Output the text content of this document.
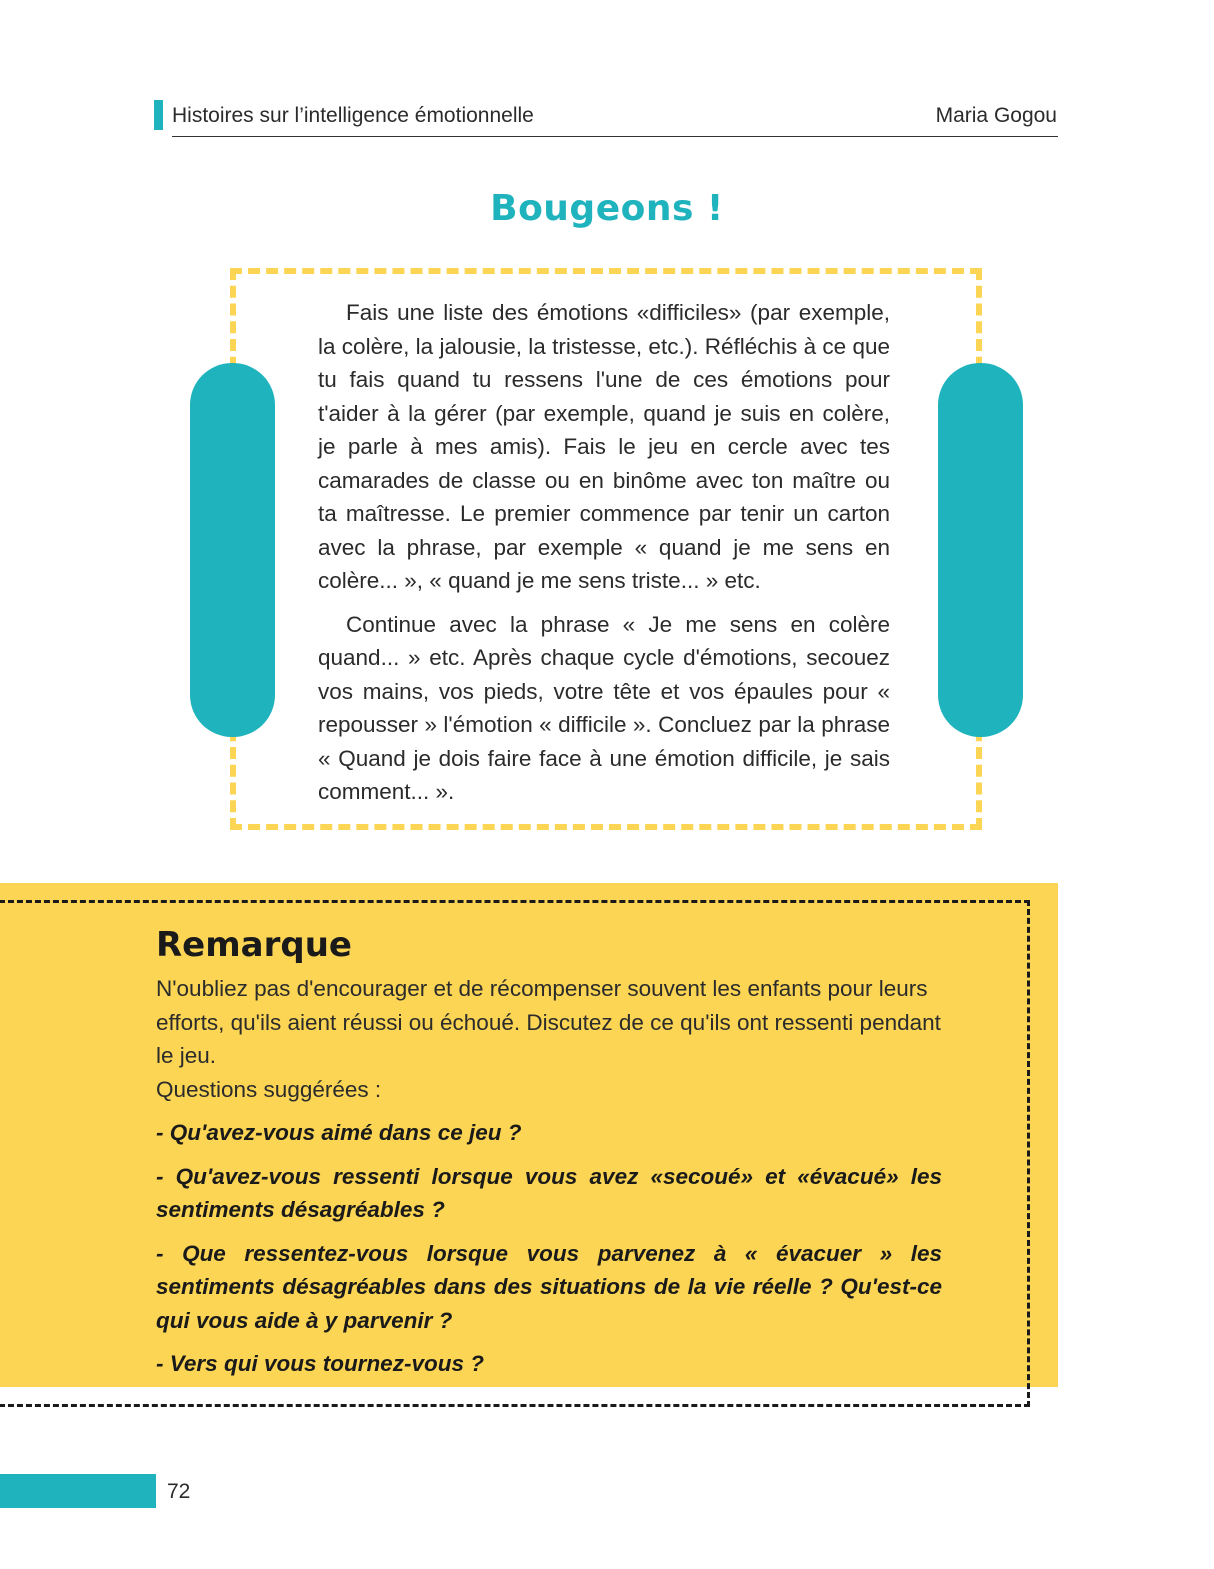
Histoires sur l’intelligence émotionnelle	Maria Gogou
Bougeons !

Fais une liste des émotions «difficiles» (par exemple, la colère, la jalousie, la tristesse, etc.). Réfléchis à ce que tu fais quand tu ressens l'une de ces émotions pour t'aider à la gérer (par exemple, quand je suis en colère, je parle à mes amis). Fais le jeu en cercle avec tes camarades de classe ou en binôme avec ton maître ou ta maîtresse. Le premier commence par tenir un carton avec la phrase, par exemple « quand je me sens en colère... », « quand je me sens triste... » etc.

Continue avec la phrase « Je me sens en colère quand... » etc. Après chaque cycle d'émotions, secouez vos mains, vos pieds, votre tête et vos épaules pour « repousser » l'émotion « difficile ». Concluez par la phrase « Quand je dois faire face à une émotion difficile, je sais comment... ».

Remarque

N'oubliez pas d'encourager et de récompenser souvent les enfants pour leurs efforts, qu'ils aient réussi ou échoué. Discutez de ce qu'ils ont ressenti pendant le jeu.

Questions suggérées :

- Qu'avez-vous aimé dans ce jeu ?

- Qu'avez-vous ressenti lorsque vous avez «secoué» et «évacué» les sentiments désagréables ?

- Que ressentez-vous lorsque vous parvenez à « évacuer » les sentiments désagréables dans des situations de la vie réelle ? Qu'est-ce qui vous aide à y parvenir ?

- Vers qui vous tournez-vous ?

72
